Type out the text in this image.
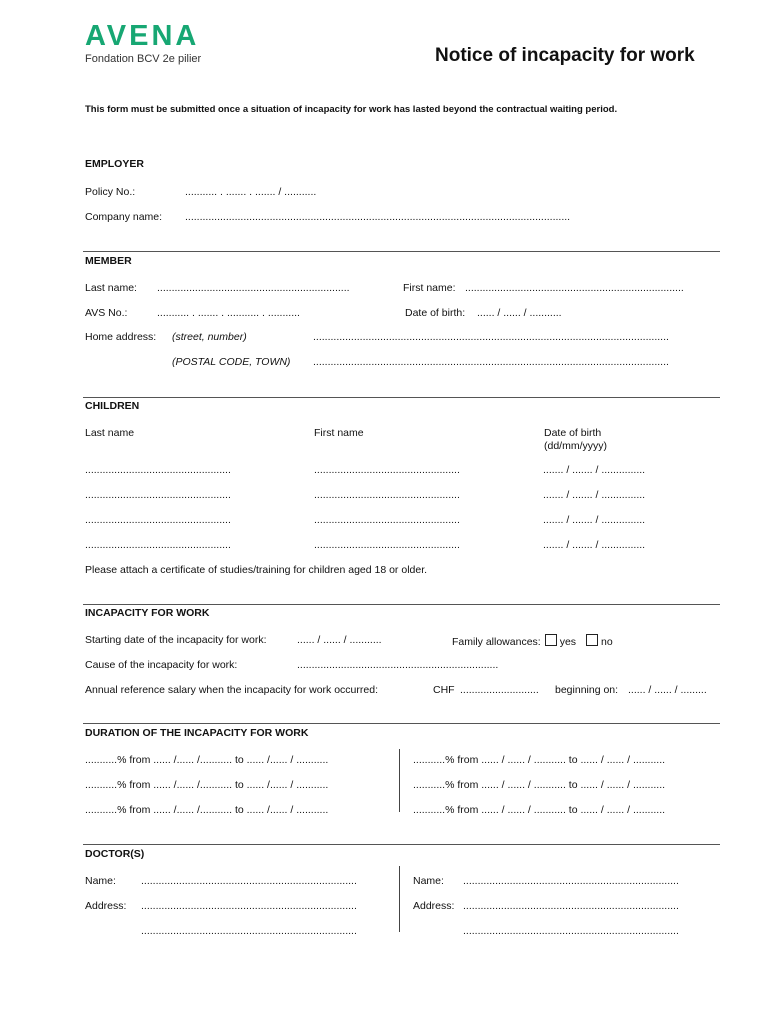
AVENA
Fondation BCV 2e pilier	Notice of incapacity for work
This form must be submitted once a situation of incapacity for work has lasted beyond the contractual waiting period.
EMPLOYER
Policy No.:	........... . ....... . ....... / ...........
Company name: ....................................................................................................................................
MEMBER
Last name: ..................................................................	First name: ...........................................................................
AVS No.:	........... . ....... . ........... . ...........	Date of birth: ...... / ...... / ...........
Home address: (street, number)	..........................................................................................................................
(POSTAL CODE, TOWN) ..........................................................................................................................
CHILDREN
Last name	First name	Date of birth
(dd/mm/yyyy)
..................................................	..................................................	....... / ....... / ...............
..................................................	..................................................	....... / ....... / ...............
..................................................	..................................................	....... / ....... / ...............
..................................................	..................................................	....... / ....... / ...............
Please attach a certificate of studies/training for children aged 18 or older.
INCAPACITY FOR WORK
Starting date of the incapacity for work:	...... / ...... / ...........	Family allowances: yes no
Cause of the incapacity for work:	.....................................................................
Annual reference salary when the incapacity for work occurred:	CHF ........................... beginning on: ...... / ...... / .........
DURATION OF THE INCAPACITY FOR WORK
...........% from ...... /...... /........... to ...... /...... / ...........
...........% from ...... /...... /........... to ...... /...... / ...........
...........% from ...... /...... /........... to ...... /...... / ...........
...........% from ...... / ...... / ........... to ...... / ...... / ...........
...........% from ...... / ...... / ........... to ...... / ...... / ...........
...........% from ...... / ...... / ........... to ...... / ...... / ...........
DOCTOR(S)
Name: ..........................................................................
Address: ..........................................................................
..........................................................................
Name: ..........................................................................
Address: ..........................................................................
..........................................................................
